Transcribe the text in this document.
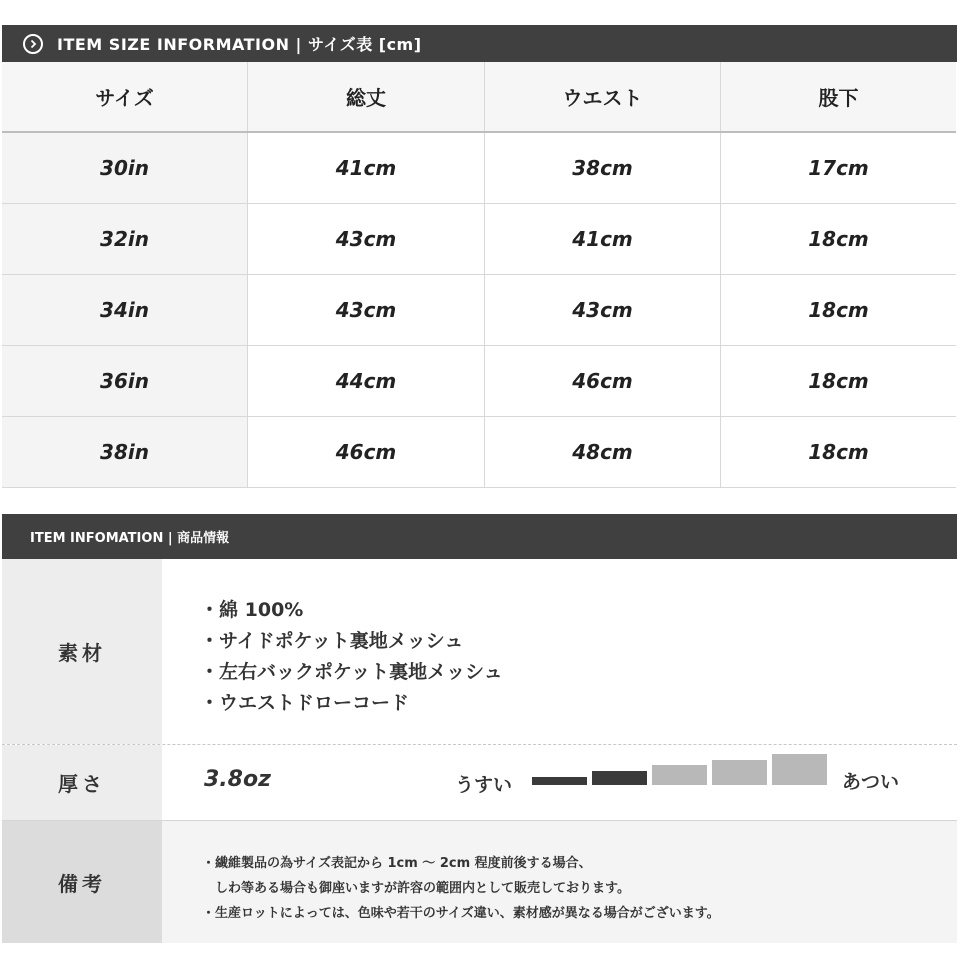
ITEM SIZE INFORMATION | サイズ表 [cm]
サイズ	総丈	ウエスト	股下
30in	41cm	38cm	17cm
32in	43cm	41cm	18cm
34in	43cm	43cm	18cm
36in	44cm	46cm	18cm
38in	46cm	48cm	18cm
ITEM INFOMATION | 商品情報
素材
・ 綿 100%
・ サイドポケット裏地メッシュ
・ 左右バックポケット裏地メッシュ
・ ウエストドローコード
厚さ	3.8oz	うすい	あつい
備考
・繊維製品の為サイズ表記から 1cm 〜 2cm 程度前後する場合、
しわ等ある場合も御座いますが許容の範囲内として販売しております。
・生産ロットによっては、色味や若干のサイズ違い、素材感が異なる場合がございます。
